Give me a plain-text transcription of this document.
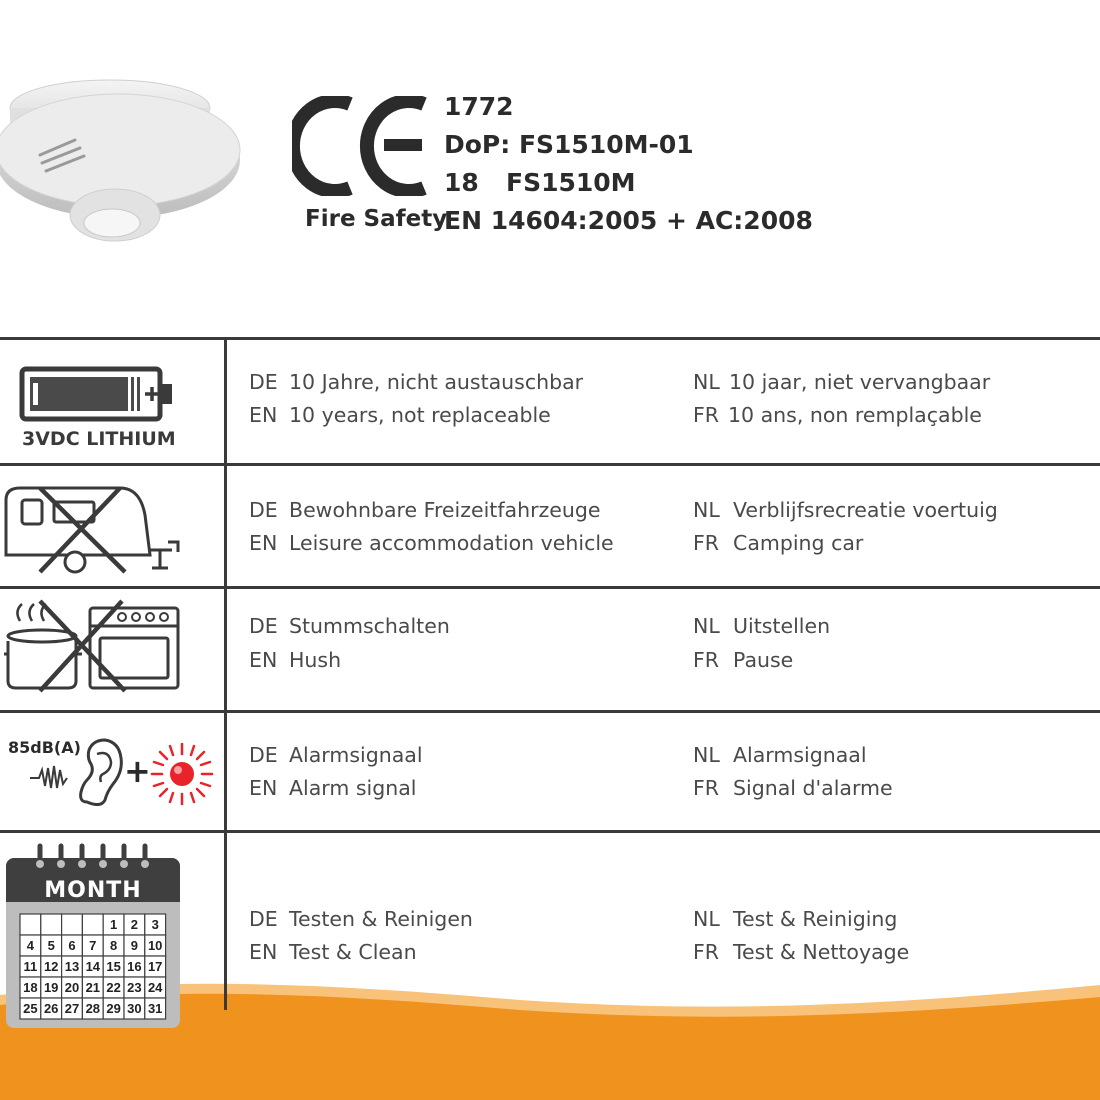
1772
DoP: FS1510M-01
18 FS1510M
Fire Safety
EN 14604:2005 + AC:2008
3VDC LITHIUM
DE 10 Jahre, nicht austauschbar
EN 10 years, not replaceable
NL 10 jaar, niet vervangbaar
FR 10 ans, non remplaçable
DE Bewohnbare Freizeitfahrzeuge
EN Leisure accommodation vehicle
NL Verblijfsrecreatie voertuig
FR Camping car
DE Stummschalten
EN Hush
NL Uitstellen
FR Pause
85dB(A)
+	DE Alarmsignaal
EN Alarm signal
NL Alarmsignaal
FR Signal d'alarme
MONTH
1 2 3
4 5 6 7 8 9 10
11 12 13 14 15 16 17
18 19 20 21 22 23 24
25 26 27 28 29 30 31
DE Testen & Reinigen
EN Test & Clean
NL Test & Reiniging
FR Test & Nettoyage
